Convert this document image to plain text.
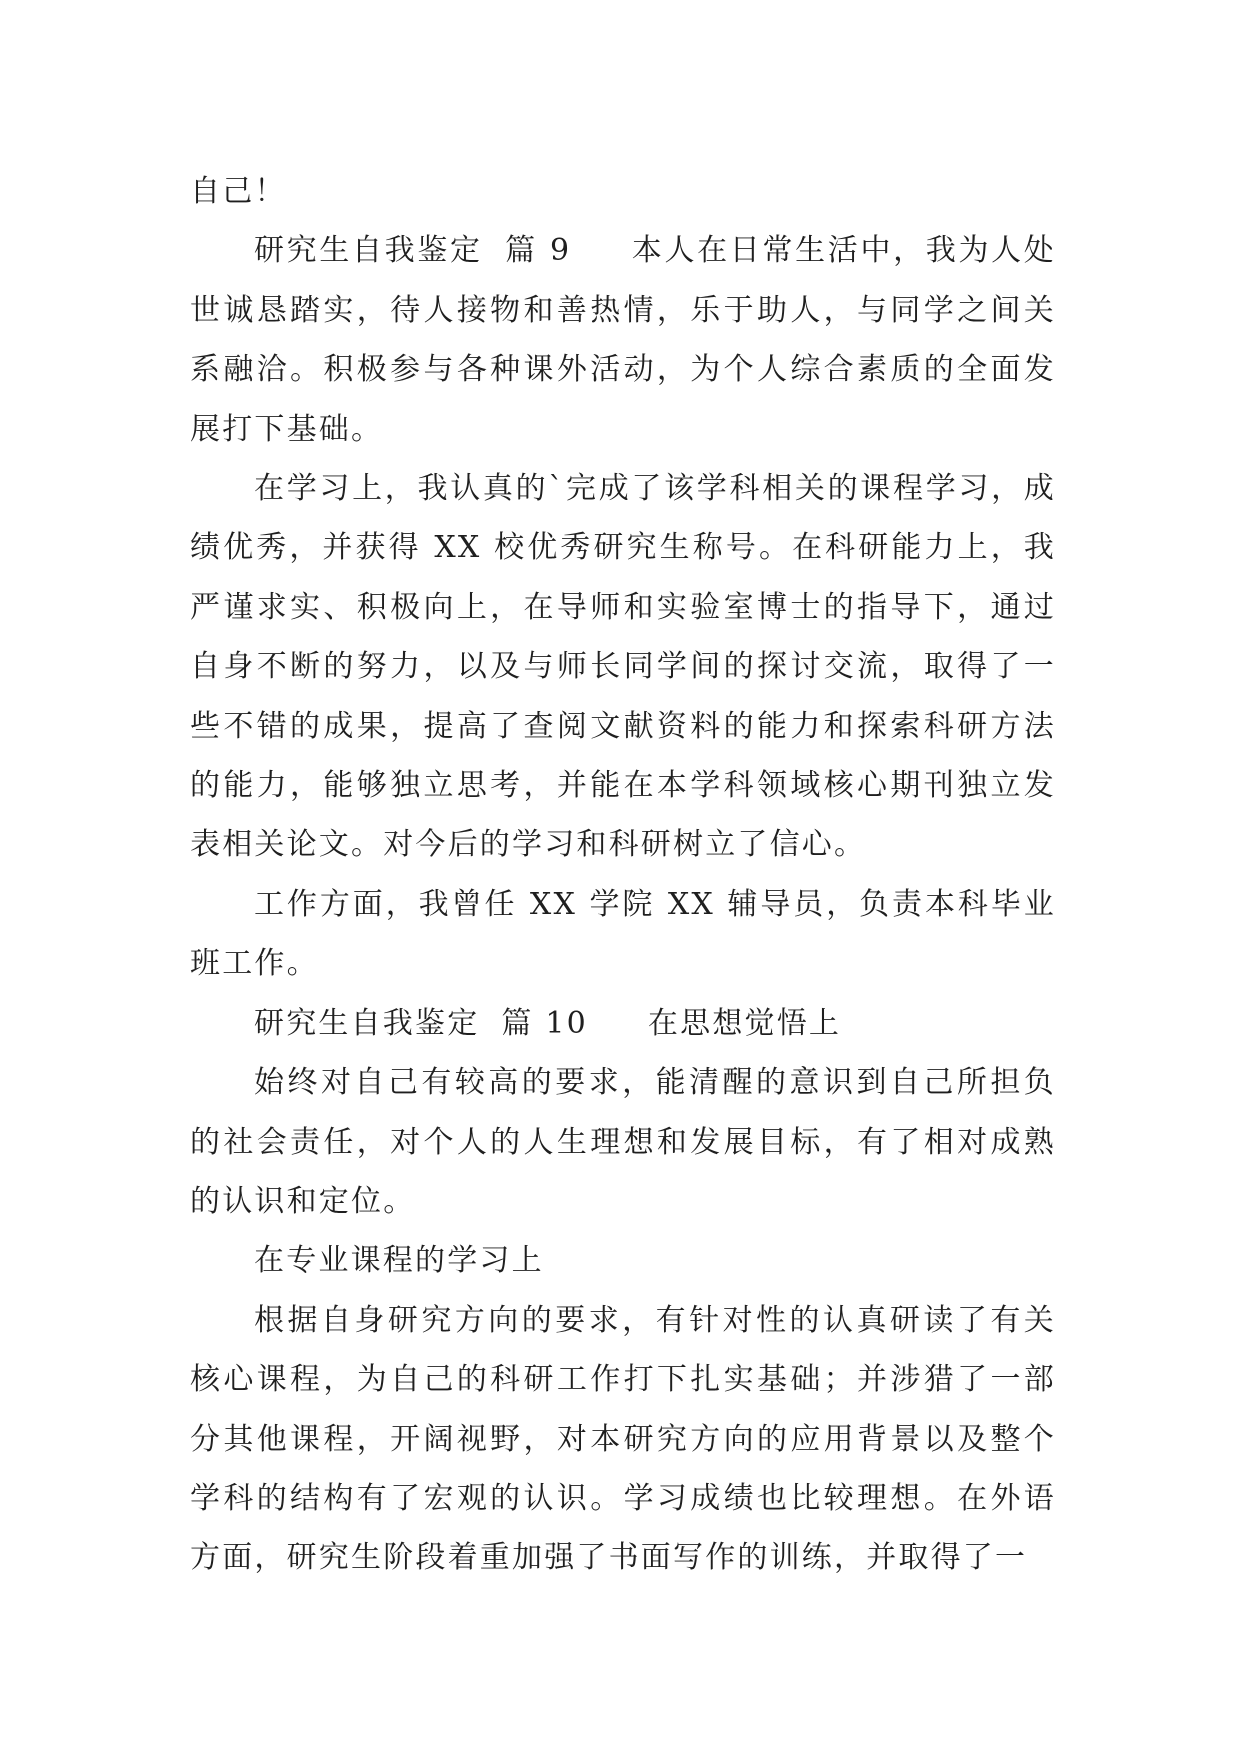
自己！

研究生自我鉴定 篇 9 本人在日常生活中，我为人处世诚恳踏实，待人接物和善热情，乐于助人，与同学之间关系融洽。积极参与各种课外活动，为个人综合素质的全面发展打下基础。

在学习上，我认真的`完成了该学科相关的课程学习，成绩优秀，并获得 XX 校优秀研究生称号。在科研能力上，我严谨求实、积极向上，在导师和实验室博士的指导下，通过自身不断的努力，以及与师长同学间的探讨交流，取得了一些不错的成果，提高了查阅文献资料的能力和探索科研方法的能力，能够独立思考，并能在本学科领域核心期刊独立发表相关论文。对今后的学习和科研树立了信心。

工作方面，我曾任 XX 学院 XX 辅导员，负责本科毕业班工作。

研究生自我鉴定 篇 10 在思想觉悟上

始终对自己有较高的要求，能清醒的意识到自己所担负的社会责任，对个人的人生理想和发展目标，有了相对成熟的认识和定位。

在专业课程的学习上

根据自身研究方向的要求，有针对性的认真研读了有关核心课程，为自己的科研工作打下扎实基础；并涉猎了一部分其他课程，开阔视野，对本研究方向的应用背景以及整个学科的结构有了宏观的认识。学习成绩也比较理想。在外语方面，研究生阶段着重加强了书面写作的训练，并取得了一
